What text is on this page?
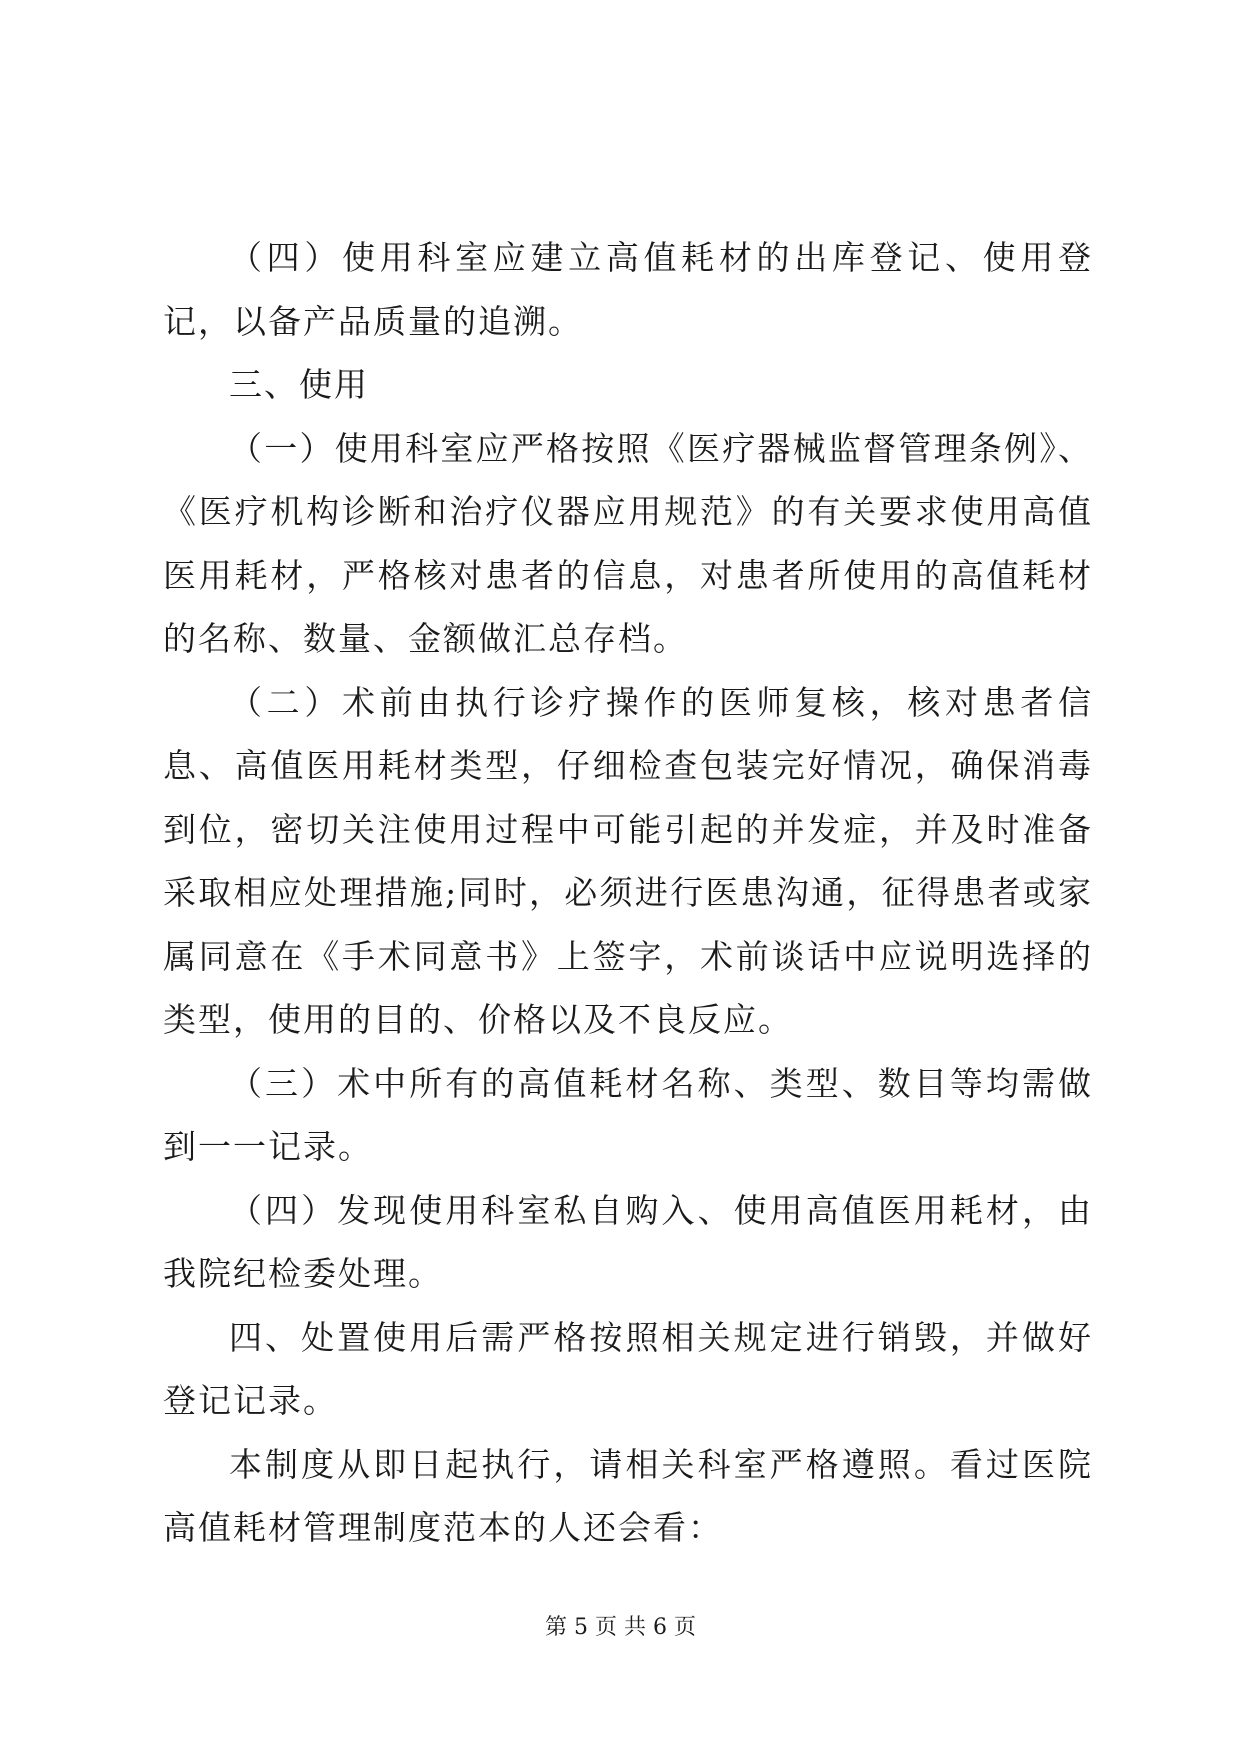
（四）使用科室应建立高值耗材的出库登记、使用登记，以备产品质量的追溯。

三、使用

（一）使用科室应严格按照《医疗器械监督管理条例》、《医疗机构诊断和治疗仪器应用规范》的有关要求使用高值医用耗材，严格核对患者的信息，对患者所使用的高值耗材的名称、数量、金额做汇总存档。

（二）术前由执行诊疗操作的医师复核，核对患者信息、高值医用耗材类型，仔细检查包装完好情况，确保消毒到位，密切关注使用过程中可能引起的并发症，并及时准备采取相应处理措施;同时，必须进行医患沟通，征得患者或家属同意在《手术同意书》上签字，术前谈话中应说明选择的类型，使用的目的、价格以及不良反应。

（三）术中所有的高值耗材名称、类型、数目等均需做到一一记录。

（四）发现使用科室私自购入、使用高值医用耗材，由我院纪检委处理。

四、处置使用后需严格按照相关规定进行销毁，并做好登记记录。

本制度从即日起执行，请相关科室严格遵照。看过医院高值耗材管理制度范本的人还会看：

第 5 页 共 6 页
